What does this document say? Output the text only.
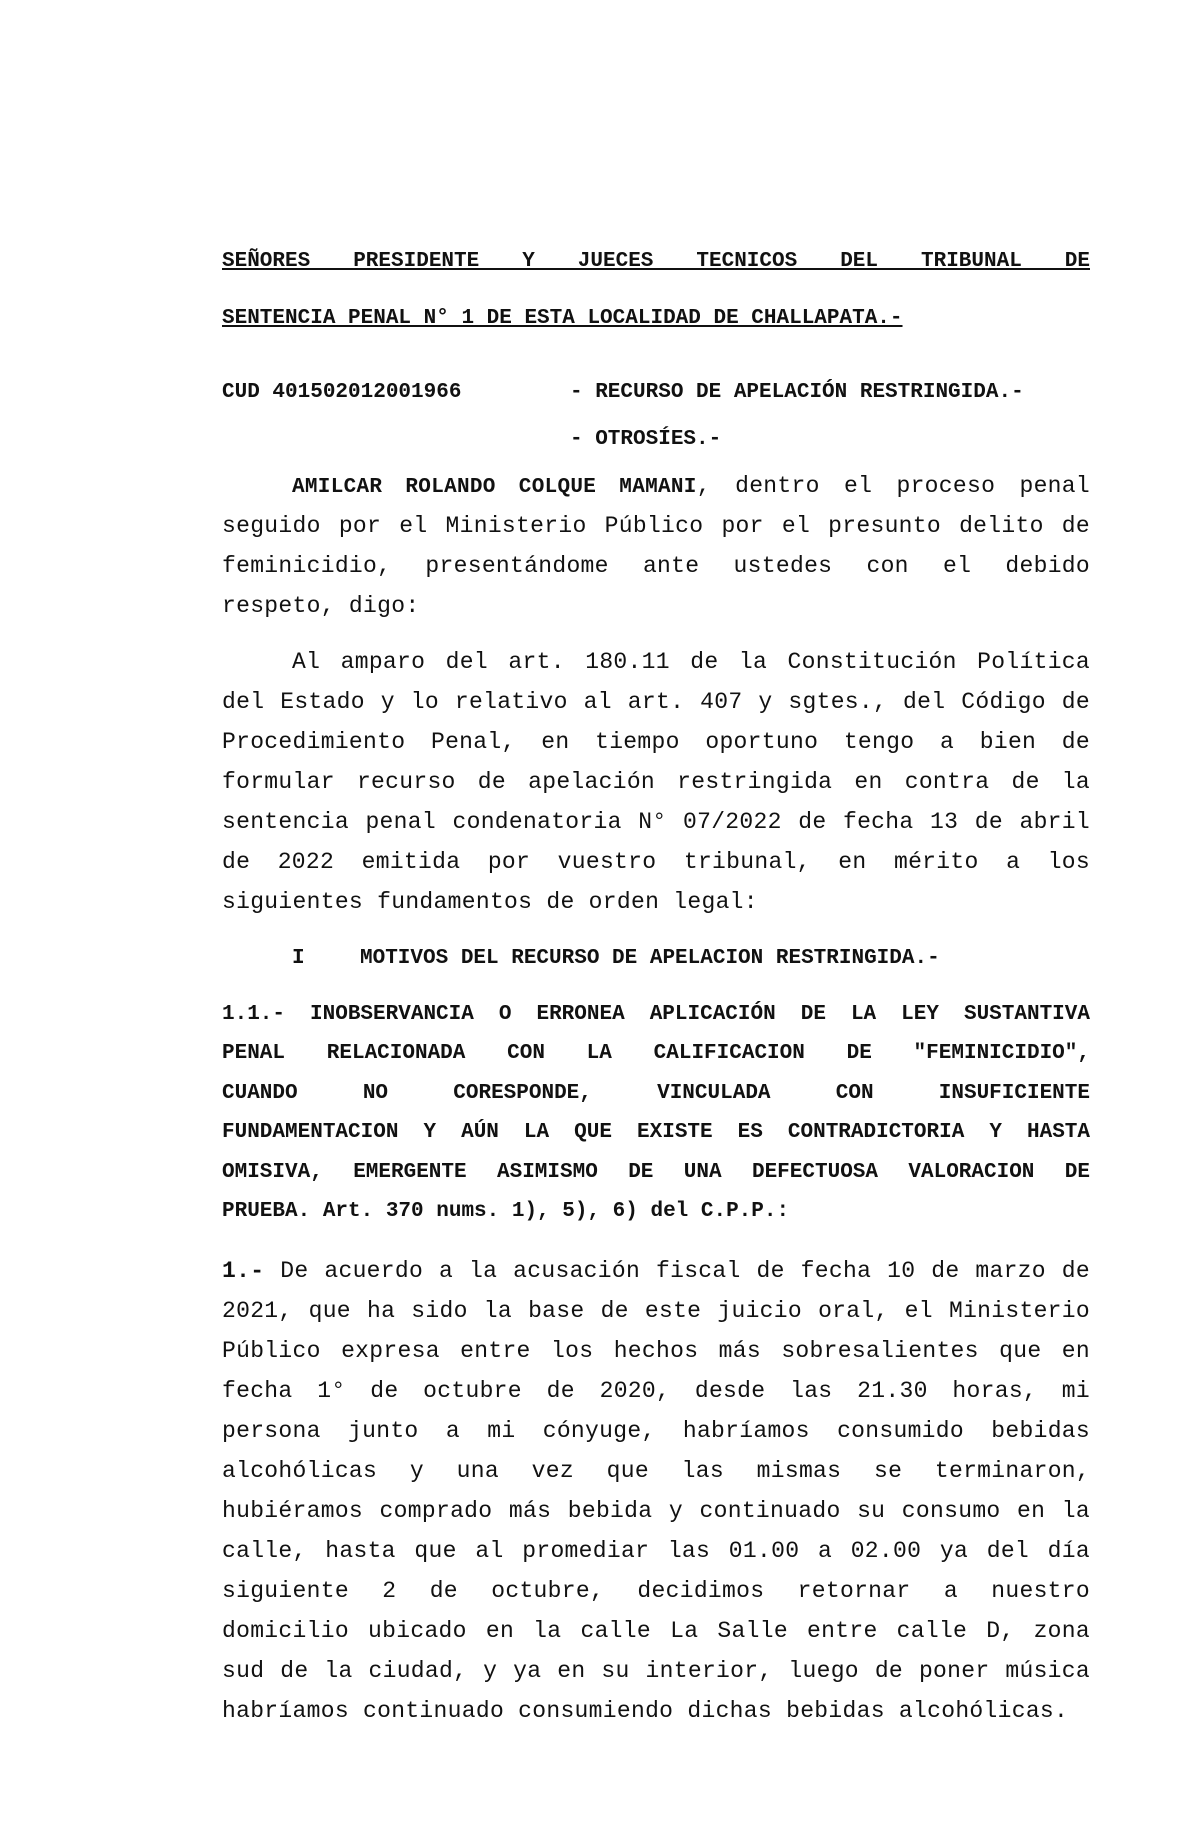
SEÑORES PRESIDENTE Y JUECES TECNICOS DEL TRIBUNAL DE
SENTENCIA PENAL N° 1 DE ESTA LOCALIDAD DE CHALLAPATA.-
CUD 401502012001966	- RECURSO DE APELACIÓN RESTRINGIDA.-
- OTROSÍES.-
AMILCAR ROLANDO COLQUE MAMANI, dentro el proceso penal
seguido por el Ministerio Público por el presunto delito de
feminicidio, presentándome ante ustedes con el debido
respeto, digo:
Al amparo del art. 180.11 de la Constitución Política
del Estado y lo relativo al art. 407 y sgtes., del Código de
Procedimiento Penal, en tiempo oportuno tengo a bien de
formular recurso de apelación restringida en contra de la
sentencia penal condenatoria N° 07/2022 de fecha 13 de abril
de 2022 emitida por vuestro tribunal, en mérito a los
siguientes fundamentos de orden legal:
I	MOTIVOS DEL RECURSO DE APELACION RESTRINGIDA.-
1.1.- INOBSERVANCIA O ERRONEA APLICACIÓN DE LA LEY SUSTANTIVA
PENAL RELACIONADA CON LA CALIFICACION DE "FEMINICIDIO",
CUANDO NO CORESPONDE, VINCULADA CON INSUFICIENTE
FUNDAMENTACION Y AÚN LA QUE EXISTE ES CONTRADICTORIA Y HASTA
OMISIVA, EMERGENTE ASIMISMO DE UNA DEFECTUOSA VALORACION DE
PRUEBA. Art. 370 nums. 1), 5), 6) del C.P.P.:
1.- De acuerdo a la acusación fiscal de fecha 10 de marzo de
2021, que ha sido la base de este juicio oral, el Ministerio
Público expresa entre los hechos más sobresalientes que en
fecha 1° de octubre de 2020, desde las 21.30 horas, mi
persona junto a mi cónyuge, habríamos consumido bebidas
alcohólicas y una vez que las mismas se terminaron,
hubiéramos comprado más bebida y continuado su consumo en la
calle, hasta que al promediar las 01.00 a 02.00 ya del día
siguiente 2 de octubre, decidimos retornar a nuestro
domicilio ubicado en la calle La Salle entre calle D, zona
sud de la ciudad, y ya en su interior, luego de poner música
habríamos continuado consumiendo dichas bebidas alcohólicas.
